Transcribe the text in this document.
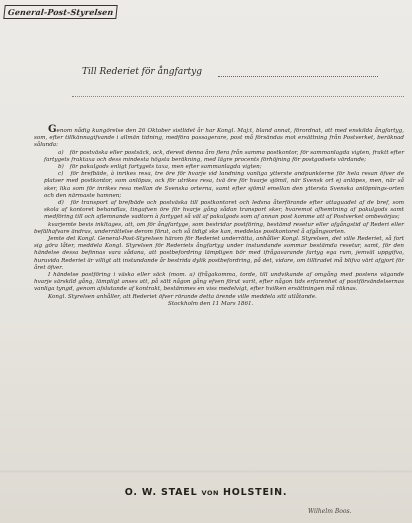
General-Post-Styrelsen
Till Rederiet för ångfartyg

Genom nådig kungörelse den 26 Oktober sistlidet år har Kongl. Maj:t, bland annat, förordnat, att med enskilda ångfartyg, som, efter tillkännagifvande i allmän tidning, medföra passagerare, post må försändas mot ersättning från Postverket, beräknad sålunda:

a) för postväska eller postsäck, ock, derest denna åro flera från samma postkontor, för sammanlagda vigten, fraktt efter fartygets fraktaxa och dess mindesta högsta beräkning, med lägre procents förhöjning för postgodsets värdande;

b) för pakulgods enligt fartygets taxa, men efter sammanlagda vigten;

c) för brefbäde, à inrikes resa, tre öre för hvarje vid landning vanliga ytterste andpunkterne för hela resan öfver de platser med postkontor, som anlöpas, ock för utrikes resa, tvä öre för hvarje sjömil, när Svensk ort ej anlöpes, men, när så sker, lika som för inrikes resa mellan de Svenska orterna, samt efter sjömil emellan den yttersta Svenska anlöpnings-orten och den närmaste hamnen;

d) för transport af brefbäde och postväska till postkontoret och ledsna återförande efter attaguadet af de bref, som skola af kontoret behandlas, tingafven öre för hvarje gång sådan transport sker, hvaremot afhemtning af pakulgods samt medföring till och aflemnande vadtorn à fartyget så väl af pakulgods som af annan post komme att af Postverket ombesörjas;

kvarjemte bevis inkltages, att, om för ångfartyge, som bestridar postföring, bestämd resetur eller afgångstid af Rederi eller befälhafvare ändras, underrättelse derom förut, och så tidigt ske kan, meddelas postkontoret å afgångsorten.

Jemte det Kongl. General-Post-Styrelsen härom för Rederiet underrätta, anhåller Kongl. Styrelsen, det ville Rederiet, så fort sig göra låter, meddela Kongl. Styrelsen för Rederiets ångfartyg under instundande sommar bestämda resetur, samt, för den händelse dessa befinnas vara sådana, att postbefordring lämpligen bör med ifrågavarande fartyg ega rum, jemväl uppgifva, huruvida Rederiet är villigt att instundande år bestrida dylik postbefordring, på det, vidare, om tilltradet må blifva värt afgjort för året öfver.

I händelse postföring i väska eller säck (mom. a) ifrågakomma, torde, till undvikande af omgång med postens vägande hvarje särskild gång, lämpligt anses att, på sätt någon gång efven förut varit, efter någon tids erfarenhet af postförsändelsernas vanliga tyngd, genom afslutande af kontrakt, bestämmes en viss medelvigt, efter hvilken ersättningen må räknas.

Kongl. Styrelsen anhåller, att Rederiet öfver rörande detta ärende ville meddela sitt utlåtande.

Stockholm den 11 Mars 1861.

O. W. STAEL VON HOLSTEIN.
Wilhelm Boos.
